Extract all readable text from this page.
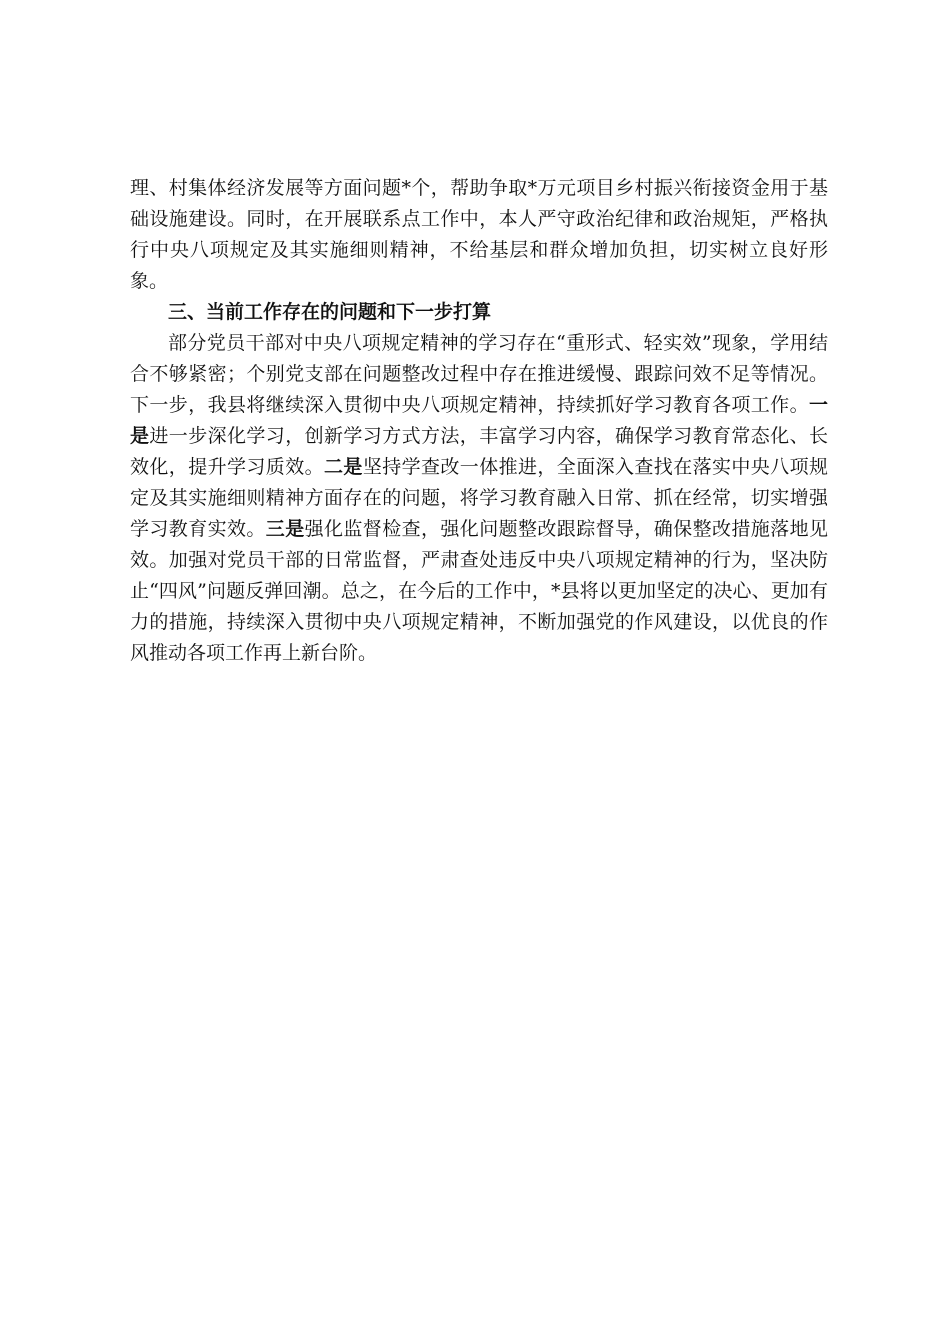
理、村集体经济发展等方面问题*个，帮助争取*万元项目乡村振兴衔接资金用于基础设施建设。同时，在开展联系点工作中，本人严守政治纪律和政治规矩，严格执行中央八项规定及其实施细则精神，不给基层和群众增加负担，切实树立良好形象。

三、当前工作存在的问题和下一步打算

部分党员干部对中央八项规定精神的学习存在“重形式、轻实效”现象，学用结合不够紧密；个别党支部在问题整改过程中存在推进缓慢、跟踪问效不足等情况。下一步，我县将继续深入贯彻中央八项规定精神，持续抓好学习教育各项工作。一是进一步深化学习，创新学习方式方法，丰富学习内容，确保学习教育常态化、长效化，提升学习质效。二是坚持学查改一体推进，全面深入查找在落实中央八项规定及其实施细则精神方面存在的问题，将学习教育融入日常、抓在经常，切实增强学习教育实效。三是强化监督检查，强化问题整改跟踪督导，确保整改措施落地见效。加强对党员干部的日常监督，严肃查处违反中央八项规定精神的行为，坚决防止“四风”问题反弹回潮。总之，在今后的工作中，*县将以更加坚定的决心、更加有力的措施，持续深入贯彻中央八项规定精神，不断加强党的作风建设，以优良的作风推动各项工作再上新台阶。
